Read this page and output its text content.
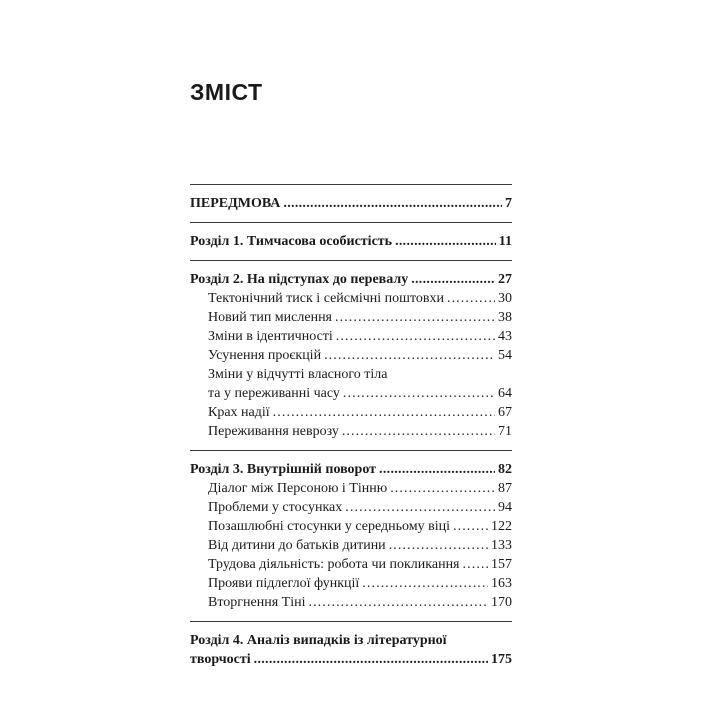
ЗМІСТ
ПЕРЕДМОВА . . .	7
Розділ 1. Тимчасова особистість . . .	11
Розділ 2. На підступах до перевалу . . .	27
Тектонічний тиск і сейсмічні поштовхи . . .	30
Новий тип мислення . . .	38
Зміни в ідентичності . . .	43
Усунення проєкцій . . .	54
Зміни у відчутті власного тіла
та у переживанні часу . . .	64
Крах надії . . .	67
Переживання неврозу . . .	71
Розділ 3. Внутрішній поворот . . .	82
Діалог між Персоною і Тінню . . .	87
Проблеми у стосунках . . .	94
Позашлюбні стосунки у середньому віці . . .	122
Від дитини до батьків дитини . . .	133
Трудова діяльність: робота чи покликання . . . 157
Прояви підлеглої функції . . .	163
Вторгнення Тіні . . .	170
Розділ 4. Аналіз випадків із літературної
творчості . . .	175
